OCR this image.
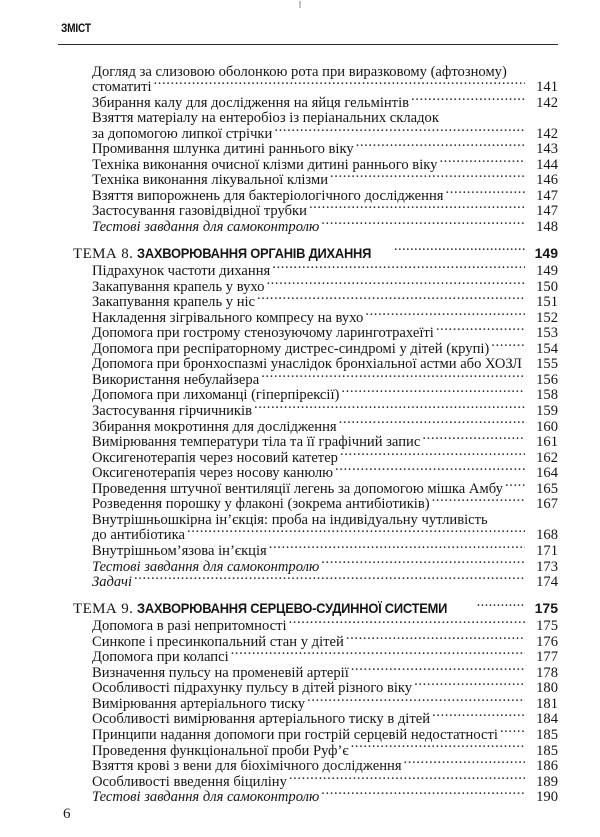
ЗМІСТ
Догляд за слизовою оболонкою рота при виразковому (афтозному)
стоматиті .....	141
Збирання калу для дослідження на яйця гельмінтів .....	142
Взяття матеріалу на ентеробіоз із періанальних складок
за допомогою липкої стрічки .....	142
Промивання шлунка дитині раннього віку .....	143
Техніка виконання очисної клізми дитині раннього віку .....	144
Техніка виконання лікувальної клізми .....	146
Взяття випорожнень для бактеріологічного дослідження .....	147
Застосування газовідвідної трубки .....	147
Тестові завдання для самоконтролю .....	148
ТЕМА 8. ЗАХВОРЮВАННЯ ОРГАНІВ ДИХАННЯ .....	149
Підрахунок частоти дихання .....	149
Закапування крапель у вухо .....	150
Закапування крапель у ніс .....	151
Накладення зігрівального компресу на вухо .....	152
Допомога при гострому стенозуючому ларинготрахеїті .....	153
Допомога при респіраторному дистрес-синдромі у дітей (крупі) .....	154
Допомога при бронхоспазмі унаслідок бронхіальної астми або ХОЗЛ ..... 155
Використання небулайзера .....	156
Допомога при лихоманці (гіперпірексії) .....	158
Застосування гірчичників .....	159
Збирання мокротиння для дослідження .....	160
Вимірювання температури тіла та її графічний запис .....	161
Оксигенотерапія через носовий катетер .....	162
Оксигенотерапія через носову канюлю .....	164
Проведення штучної вентиляції легень за допомогою мішка Амбу .....	165
Розведення порошку у флаконі (зокрема антибіотиків) .....	167
Внутрішньошкірна ін’єкція: проба на індивідуальну чутливість
до антибіотика .....	168
Внутрішньом’язова ін’єкція .....	171
Тестові завдання для самоконтролю .....	173
Задачі .....	174
ТЕМА 9. ЗАХВОРЮВАННЯ СЕРЦЕВО-СУДИННОЇ СИСТЕМИ .....	175
Допомога в разі непритомності .....	175
Синкопе і пресинкопальний стан у дітей .....	176
Допомога при колапсі .....	177
Визначення пульсу на променевій артерії .....	178
Особливості підрахунку пульсу в дітей різного віку .....	180
Вимірювання артеріального тиску .....	181
Особливості вимірювання артеріального тиску в дітей .....	184
Принципи надання допомоги при гострій серцевій недостатності .....	185
Проведення функціональної проби Руф’є .....	185
Взяття крові з вени для біохімічного дослідження .....	186
Особливості введення біциліну .....	189
Тестові завдання для самоконтролю .....	190
6
